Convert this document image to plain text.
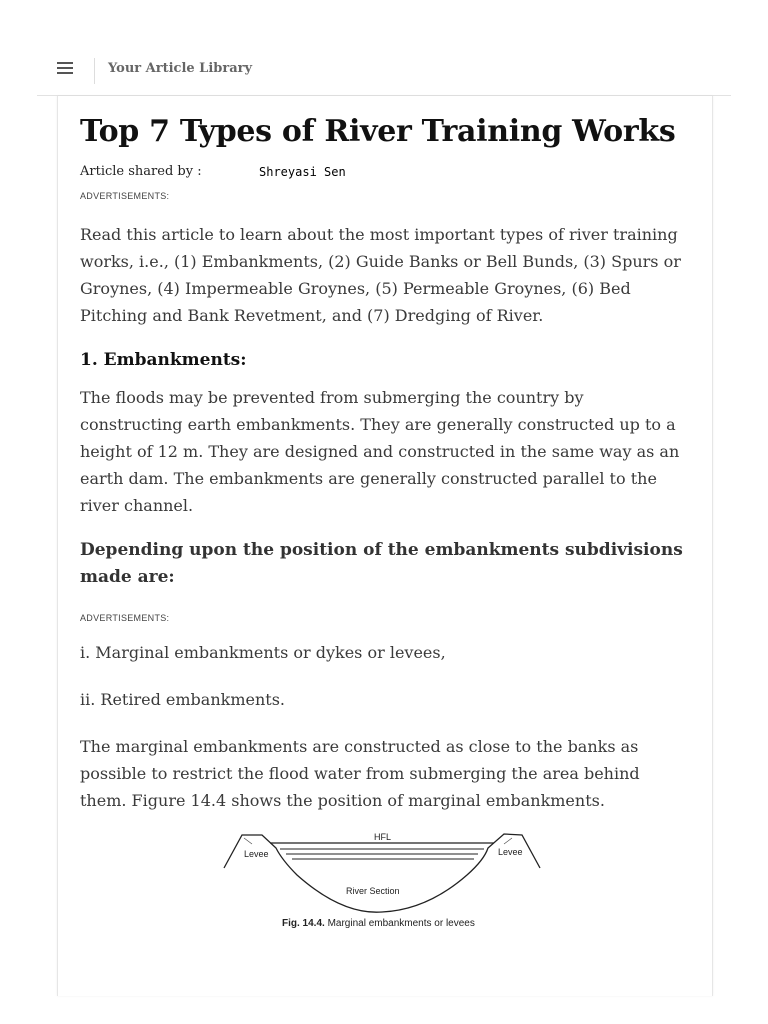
Your Article Library
Top 7 Types of River Training Works
Article shared by :	Shreyasi Sen
ADVERTISEMENTS:

Read this article to learn about the most important types of river training works, i.e., (1) Embankments, (2) Guide Banks or Bell Bunds, (3) Spurs or Groynes, (4) Impermeable Groynes, (5) Permeable Groynes, (6) Bed Pitching and Bank Revetment, and (7) Dredging of River.

1. Embankments:

The floods may be prevented from submerging the country by constructing earth embankments. They are generally constructed up to a height of 12 m. They are designed and constructed in the same way as an earth dam. The embankments are generally constructed parallel to the river channel.

Depending upon the position of the embankments subdivisions made are:
ADVERTISEMENTS:

i. Marginal embankments or dykes or levees,

ii. Retired embankments.

The marginal embankments are constructed as close to the banks as possible to restrict the flood water from submerging the area behind them. Figure 14.4 shows the position of marginal embankments.

HFL
Levee	Levee
River Section
Fig. 14.4. Marginal embankments or levees
